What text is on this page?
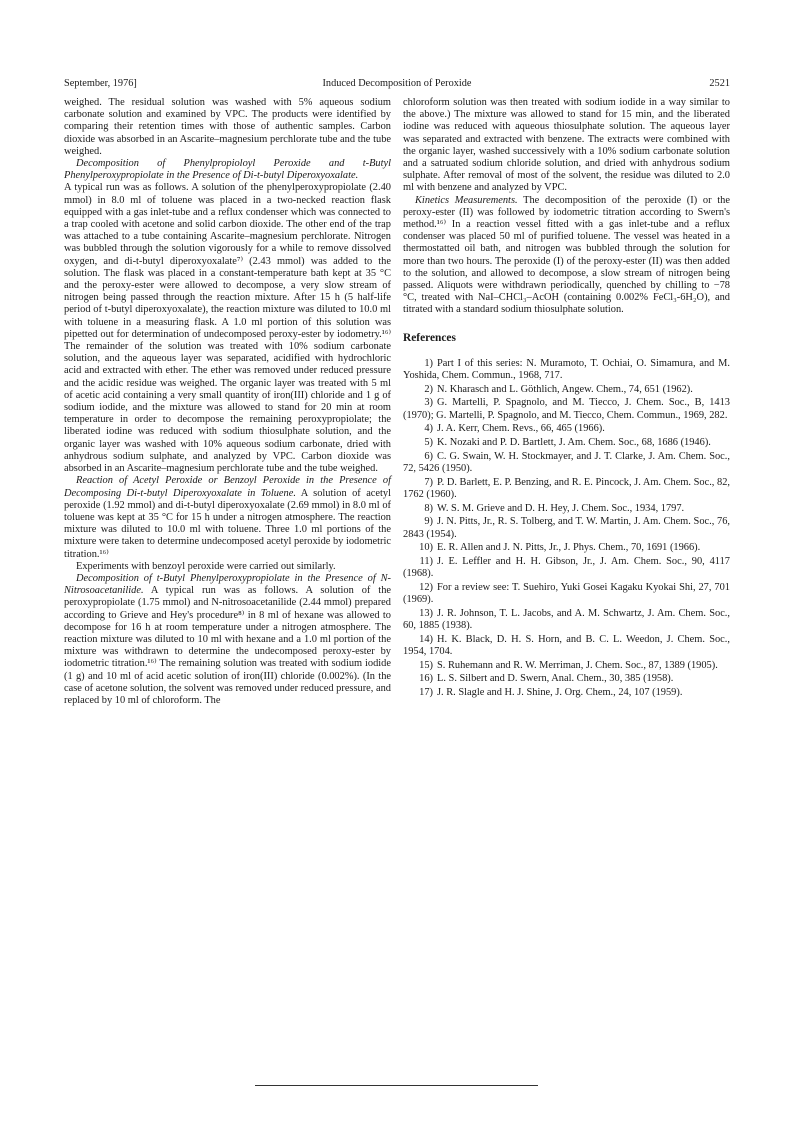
September, 1976]	Induced Decomposition of Peroxide	2521

weighed. The residual solution was washed with 5% aqueous sodium carbonate solution and examined by VPC. The products were identified by comparing their retention times with those of authentic samples. Carbon dioxide was absorbed in an Ascarite–magnesium perchlorate tube and the tube weighed.

Decomposition of Phenylpropioloyl Peroxide and t-Butyl Phenylperoxypropiolate in the Presence of Di-t-butyl Diperoxyoxalate.

A typical run was as follows. A solution of the phenylperoxypropiolate (2.40 mmol) in 8.0 ml of toluene was placed in a two-necked reaction flask equipped with a gas inlet-tube and a reflux condenser which was connected to a trap cooled with acetone and solid carbon dioxide. The other end of the trap was attached to a tube containing Ascarite–magnesium perchlorate. Nitrogen was bubbled through the solution vigorously for a while to remove dissolved oxygen, and di-t-butyl diperoxyoxalate⁷⁾ (2.43 mmol) was added to the solution. The flask was placed in a constant-temperature bath kept at 35 °C and the peroxy-ester were allowed to decompose, a very slow stream of nitrogen being passed through the reaction mixture. After 15 h (5 half-life period of t-butyl diperoxyoxalate), the reaction mixture was diluted to 10.0 ml with toluene in a measuring flask. A 1.0 ml portion of this solution was pipetted out for determination of undecomposed peroxy-ester by iodometry.¹⁶⁾ The remainder of the solution was treated with 10% sodium carbonate solution, and the aqueous layer was separated, acidified with hydrochloric acid and extracted with ether. The ether was removed under reduced pressure and the acidic residue was weighed. The organic layer was treated with 5 ml of acetic acid containing a very small quantity of iron(III) chloride and 1 g of sodium iodide, and the mixture was allowed to stand for 20 min at room temperature in order to decompose the remaining peroxypropiolate; the liberated iodine was reduced with sodium thiosulphate solution, and the organic layer was washed with 10% aqueous sodium carbonate, dried with anhydrous sodium sulphate, and analyzed by VPC. Carbon dioxide was absorbed in an Ascarite–magnesium perchlorate tube and the tube weighed.

Reaction of Acetyl Peroxide or Benzoyl Peroxide in the Presence of Decomposing Di-t-butyl Diperoxyoxalate in Toluene. A solution of acetyl peroxide (1.92 mmol) and di-t-butyl diperoxyoxalate (2.69 mmol) in 8.0 ml of toluene was kept at 35 °C for 15 h under a nitrogen atmosphere. The reaction mixture was diluted to 10.0 ml with toluene. Three 1.0 ml portions of the mixture were taken to determine undecomposed acetyl peroxide by iodometric titration.¹⁶⁾

Experiments with benzoyl peroxide were carried out similarly.

Decomposition of t-Butyl Phenylperoxypropiolate in the Presence of N-Nitrosoacetanilide. A typical run was as follows. A solution of the peroxypropiolate (1.75 mmol) and N-nitrosoacetanilide (2.44 mmol) prepared according to Grieve and Hey's procedure⁸⁾ in 8 ml of hexane was allowed to decompose for 16 h at room temperature under a nitrogen atmosphere. The reaction mixture was diluted to 10 ml with hexane and a 1.0 ml portion of the mixture was withdrawn to determine the undecomposed peroxy-ester by iodometric titration.¹⁶⁾ The remaining solution was treated with sodium iodide (1 g) and 10 ml of acid acetic solution of iron(III) chloride (0.002%). (In the case of acetone solution, the solvent was removed under reduced pressure, and replaced by 10 ml of chloroform. The

chloroform solution was then treated with sodium iodide in a way similar to the above.) The mixture was allowed to stand for 15 min, and the liberated iodine was reduced with aqueous thiosulphate solution. The aqueous layer was separated and extracted with benzene. The extracts were combined with the organic layer, washed successively with a 10% sodium carbonate solution and a satruated sodium chloride solution, and dried with anhydrous sodium sulphate. After removal of most of the solvent, the residue was diluted to 2.0 ml with benzene and analyzed by VPC.

Kinetics Measurements. The decomposition of the peroxide (I) or the peroxy-ester (II) was followed by iodometric titration according to Swern's method.¹⁶⁾ In a reaction vessel fitted with a gas inlet-tube and a reflux condenser was placed 50 ml of purified toluene. The vessel was heated in a thermostatted oil bath, and nitrogen was bubbled through the solution for more than two hours. The peroxide (I) of the peroxy-ester (II) was then added to the solution, and allowed to decompose, a slow stream of nitrogen being passed. Aliquots were withdrawn periodically, quenched by chilling to −78 °C, treated with NaI–CHCl₃–AcOH (containing 0.002% FeCl₃-6H₂O), and titrated with a standard sodium thiosulphate solution.

References
1) Part I of this series: N. Muramoto, T. Ochiai, O. Simamura, and M. Yoshida, Chem. Commun., 1968, 717.
2) N. Kharasch and L. Göthlich, Angew. Chem., 74, 651 (1962).
3) G. Martelli, P. Spagnolo, and M. Tiecco, J. Chem. Soc., B, 1413 (1970); G. Martelli, P. Spagnolo, and M. Tiecco, Chem. Commun., 1969, 282.
4) J. A. Kerr, Chem. Revs., 66, 465 (1966).
5) K. Nozaki and P. D. Bartlett, J. Am. Chem. Soc., 68, 1686 (1946).
6) C. G. Swain, W. H. Stockmayer, and J. T. Clarke, J. Am. Chem. Soc., 72, 5426 (1950).
7) P. D. Barlett, E. P. Benzing, and R. E. Pincock, J. Am. Chem. Soc., 82, 1762 (1960).
8) W. S. M. Grieve and D. H. Hey, J. Chem. Soc., 1934, 1797.
9) J. N. Pitts, Jr., R. S. Tolberg, and T. W. Martin, J. Am. Chem. Soc., 76, 2843 (1954).
10) E. R. Allen and J. N. Pitts, Jr., J. Phys. Chem., 70, 1691 (1966).
11) J. E. Leffler and H. H. Gibson, Jr., J. Am. Chem. Soc., 90, 4117 (1968).
12) For a review see: T. Suehiro, Yuki Gosei Kagaku Kyokai Shi, 27, 701 (1969).
13) J. R. Johnson, T. L. Jacobs, and A. M. Schwartz, J. Am. Chem. Soc., 60, 1885 (1938).
14) H. K. Black, D. H. S. Horn, and B. C. L. Weedon, J. Chem. Soc., 1954, 1704.
15) S. Ruhemann and R. W. Merriman, J. Chem. Soc., 87, 1389 (1905).
16) L. S. Silbert and D. Swern, Anal. Chem., 30, 385 (1958).
17) J. R. Slagle and H. J. Shine, J. Org. Chem., 24, 107 (1959).
